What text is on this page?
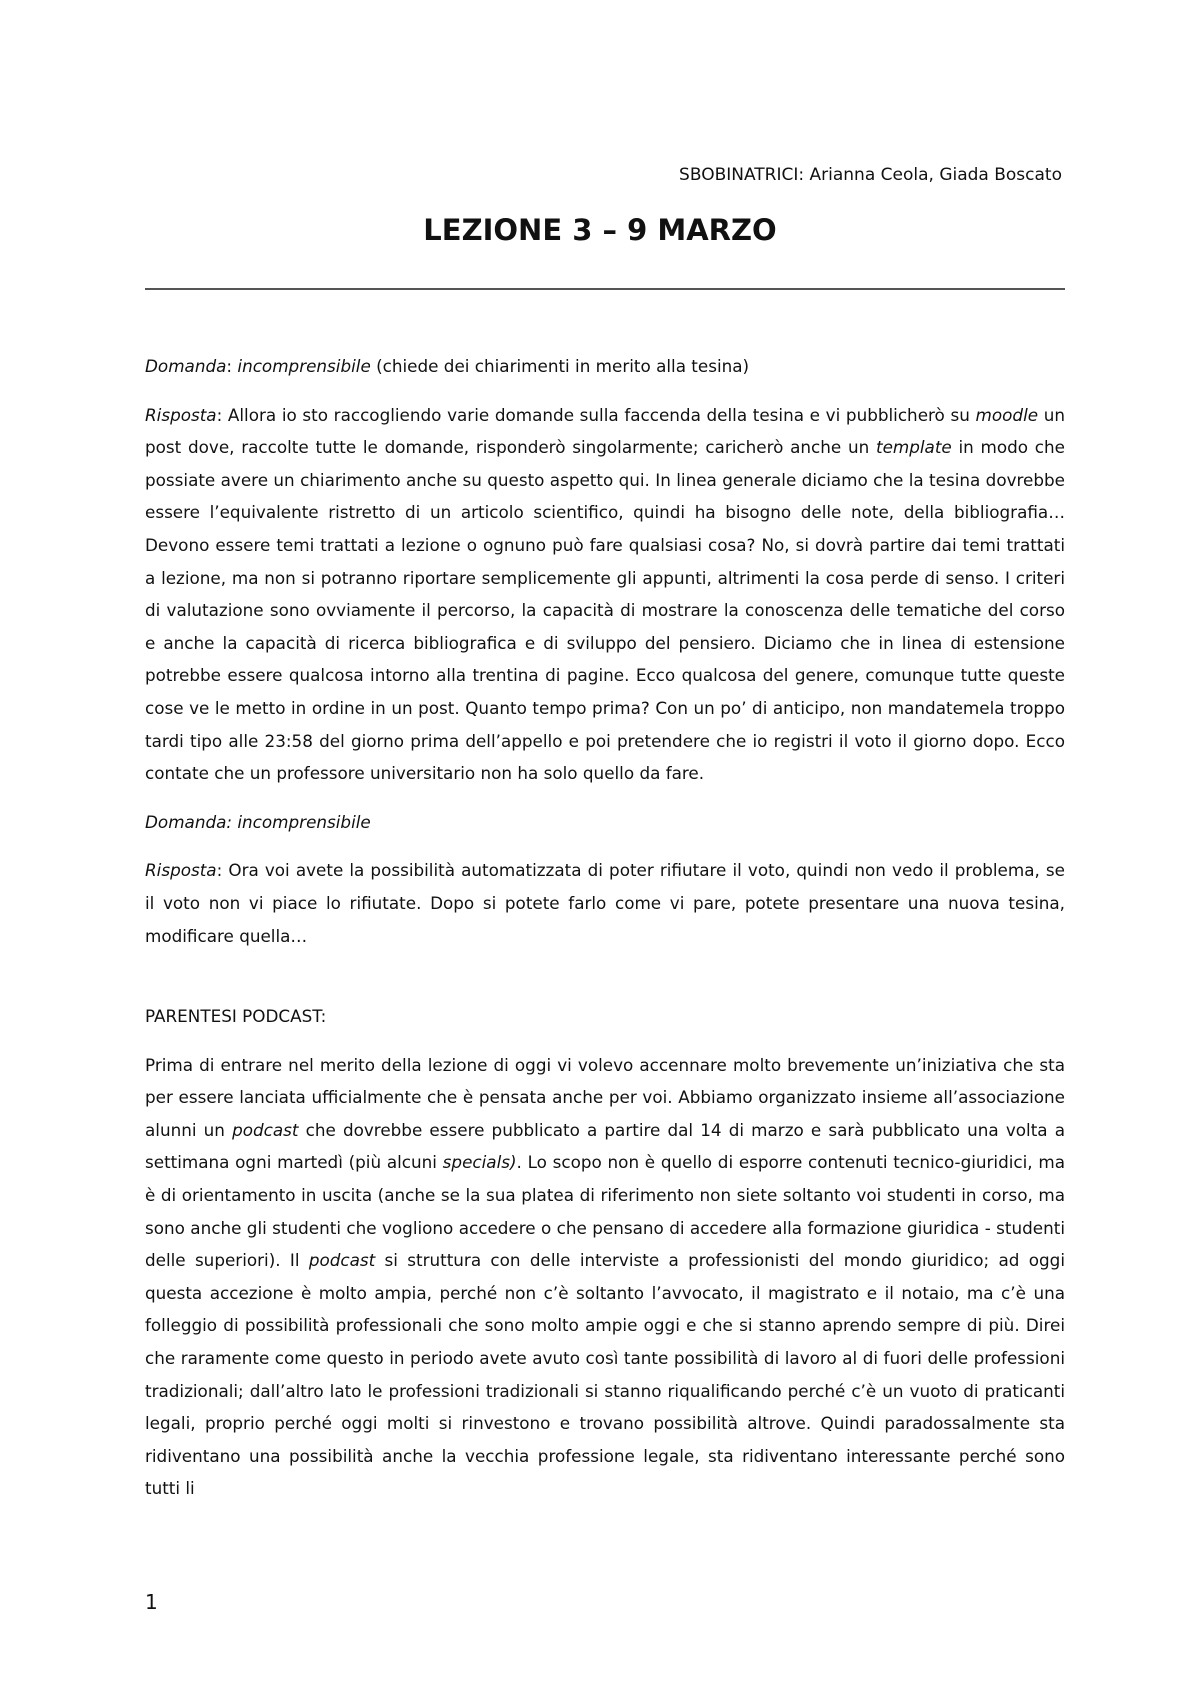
SBOBINATRICI: Arianna Ceola, Giada Boscato
LEZIONE 3 – 9 MARZO

Domanda: incomprensibile (chiede dei chiarimenti in merito alla tesina)

Risposta: Allora io sto raccogliendo varie domande sulla faccenda della tesina e vi pubblicherò su moodle un post dove, raccolte tutte le domande, risponderò singolarmente; caricherò anche un template in modo che possiate avere un chiarimento anche su questo aspetto qui. In linea generale diciamo che la tesina dovrebbe essere l’equivalente ristretto di un articolo scientifico, quindi ha bisogno delle note, della bibliografia… Devono essere temi trattati a lezione o ognuno può fare qualsiasi cosa? No, si dovrà partire dai temi trattati a lezione, ma non si potranno riportare semplicemente gli appunti, altrimenti la cosa perde di senso. I criteri di valutazione sono ovviamente il percorso, la capacità di mostrare la conoscenza delle tematiche del corso e anche la capacità di ricerca bibliografica e di sviluppo del pensiero. Diciamo che in linea di estensione potrebbe essere qualcosa intorno alla trentina di pagine. Ecco qualcosa del genere, comunque tutte queste cose ve le metto in ordine in un post. Quanto tempo prima? Con un po’ di anticipo, non mandatemela troppo tardi tipo alle 23:58 del giorno prima dell’appello e poi pretendere che io registri il voto il giorno dopo. Ecco contate che un professore universitario non ha solo quello da fare.

Domanda: incomprensibile

Risposta: Ora voi avete la possibilità automatizzata di poter rifiutare il voto, quindi non vedo il problema, se il voto non vi piace lo rifiutate. Dopo si potete farlo come vi pare, potete presentare una nuova tesina, modificare quella…

PARENTESI PODCAST:

Prima di entrare nel merito della lezione di oggi vi volevo accennare molto brevemente un’iniziativa che sta per essere lanciata ufficialmente che è pensata anche per voi. Abbiamo organizzato insieme all’associazione alunni un podcast che dovrebbe essere pubblicato a partire dal 14 di marzo e sarà pubblicato una volta a settimana ogni martedì (più alcuni specials). Lo scopo non è quello di esporre contenuti tecnico-giuridici, ma è di orientamento in uscita (anche se la sua platea di riferimento non siete soltanto voi studenti in corso, ma sono anche gli studenti che vogliono accedere o che pensano di accedere alla formazione giuridica - studenti delle superiori). Il podcast si struttura con delle interviste a professionisti del mondo giuridico; ad oggi questa accezione è molto ampia, perché non c’è soltanto l’avvocato, il magistrato e il notaio, ma c’è una folleggio di possibilità professionali che sono molto ampie oggi e che si stanno aprendo sempre di più. Direi che raramente come questo in periodo avete avuto così tante possibilità di lavoro al di fuori delle professioni tradizionali; dall’altro lato le professioni tradizionali si stanno riqualificando perché c’è un vuoto di praticanti legali, proprio perché oggi molti si rinvestono e trovano possibilità altrove. Quindi paradossalmente sta ridiventano una possibilità anche la vecchia professione legale, sta ridiventano interessante perché sono tutti li

1
